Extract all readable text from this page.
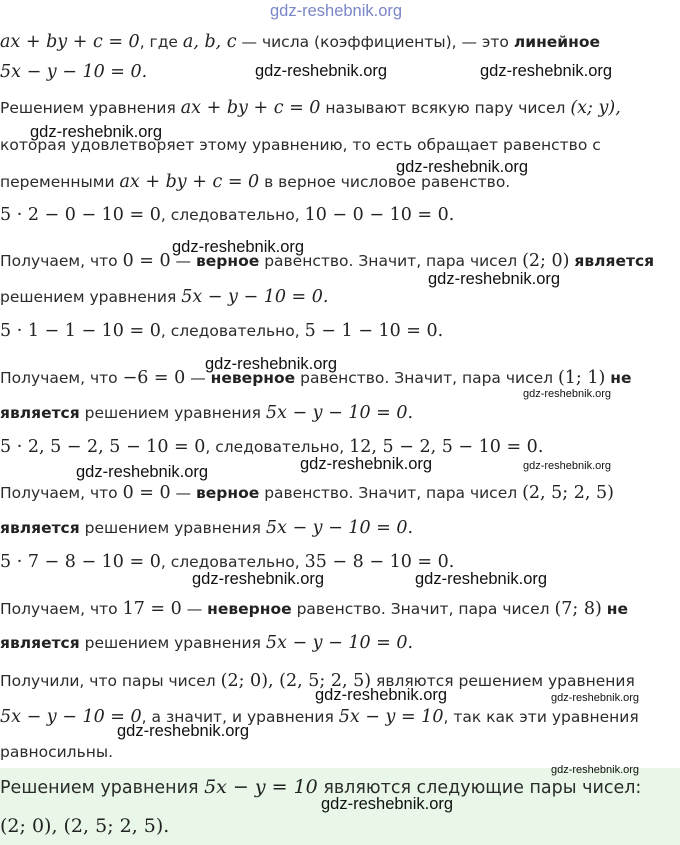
gdz-reshebnik.org
ax + by + c = 0, где a, b, c — числа (коэффициенты), — это линейное
5x − y − 10 = 0.	gdz-reshebnik.org	gdz-reshebnik.org
Решением уравнения ax + by + c = 0 называют всякую пару чисел (x; y),
gdz-reshebnik.org
которая удовлетворяет этому уравнению, то есть обращает равенство с
gdz-reshebnik.org
переменными ax + by + c = 0 в верное числовое равенство.
5 · 2 − 0 − 10 = 0, следовательно, 10 − 0 − 10 = 0.
gdz-reshebnik.org
Получаем, что 0 = 0 — верное равенство. Значит, пара чисел (2; 0) является
gdz-reshebnik.org
решением уравнения 5x − y − 10 = 0.
5 · 1 − 1 − 10 = 0, следовательно, 5 − 1 − 10 = 0.
gdz-reshebnik.org
Получаем, что −6 = 0 — неверное равенство. Значит, пара чисел (1; 1) не
gdz-reshebnik.org
является решением уравнения 5x − y − 10 = 0.
5 · 2, 5 − 2, 5 − 10 = 0, следовательно, 12, 5 − 2, 5 − 10 = 0.
gdz-reshebnik.org	gdz-reshebnik.org
gdz-reshebnik.org
Получаем, что 0 = 0 — верное равенство. Значит, пара чисел (2, 5; 2, 5)
является решением уравнения 5x − y − 10 = 0.
5 · 7 − 8 − 10 = 0, следовательно, 35 − 8 − 10 = 0.
gdz-reshebnik.org	gdz-reshebnik.org
Получаем, что 17 = 0 — неверное равенство. Значит, пара чисел (7; 8) не
является решением уравнения 5x − y − 10 = 0.
Получили, что пары чисел (2; 0), (2, 5; 2, 5) являются решением уравнения
gdz-reshebnik.org	gdz-reshebnik.org
5x − y − 10 = 0, а значит, и уравнения 5x − y = 10, так как эти уравнения
gdz-reshebnik.org
равносильны.
gdz-reshebnik.org
Решением уравнения 5x − y = 10 являются следующие пары чисел:
gdz-reshebnik.org
(2; 0), (2, 5; 2, 5).
